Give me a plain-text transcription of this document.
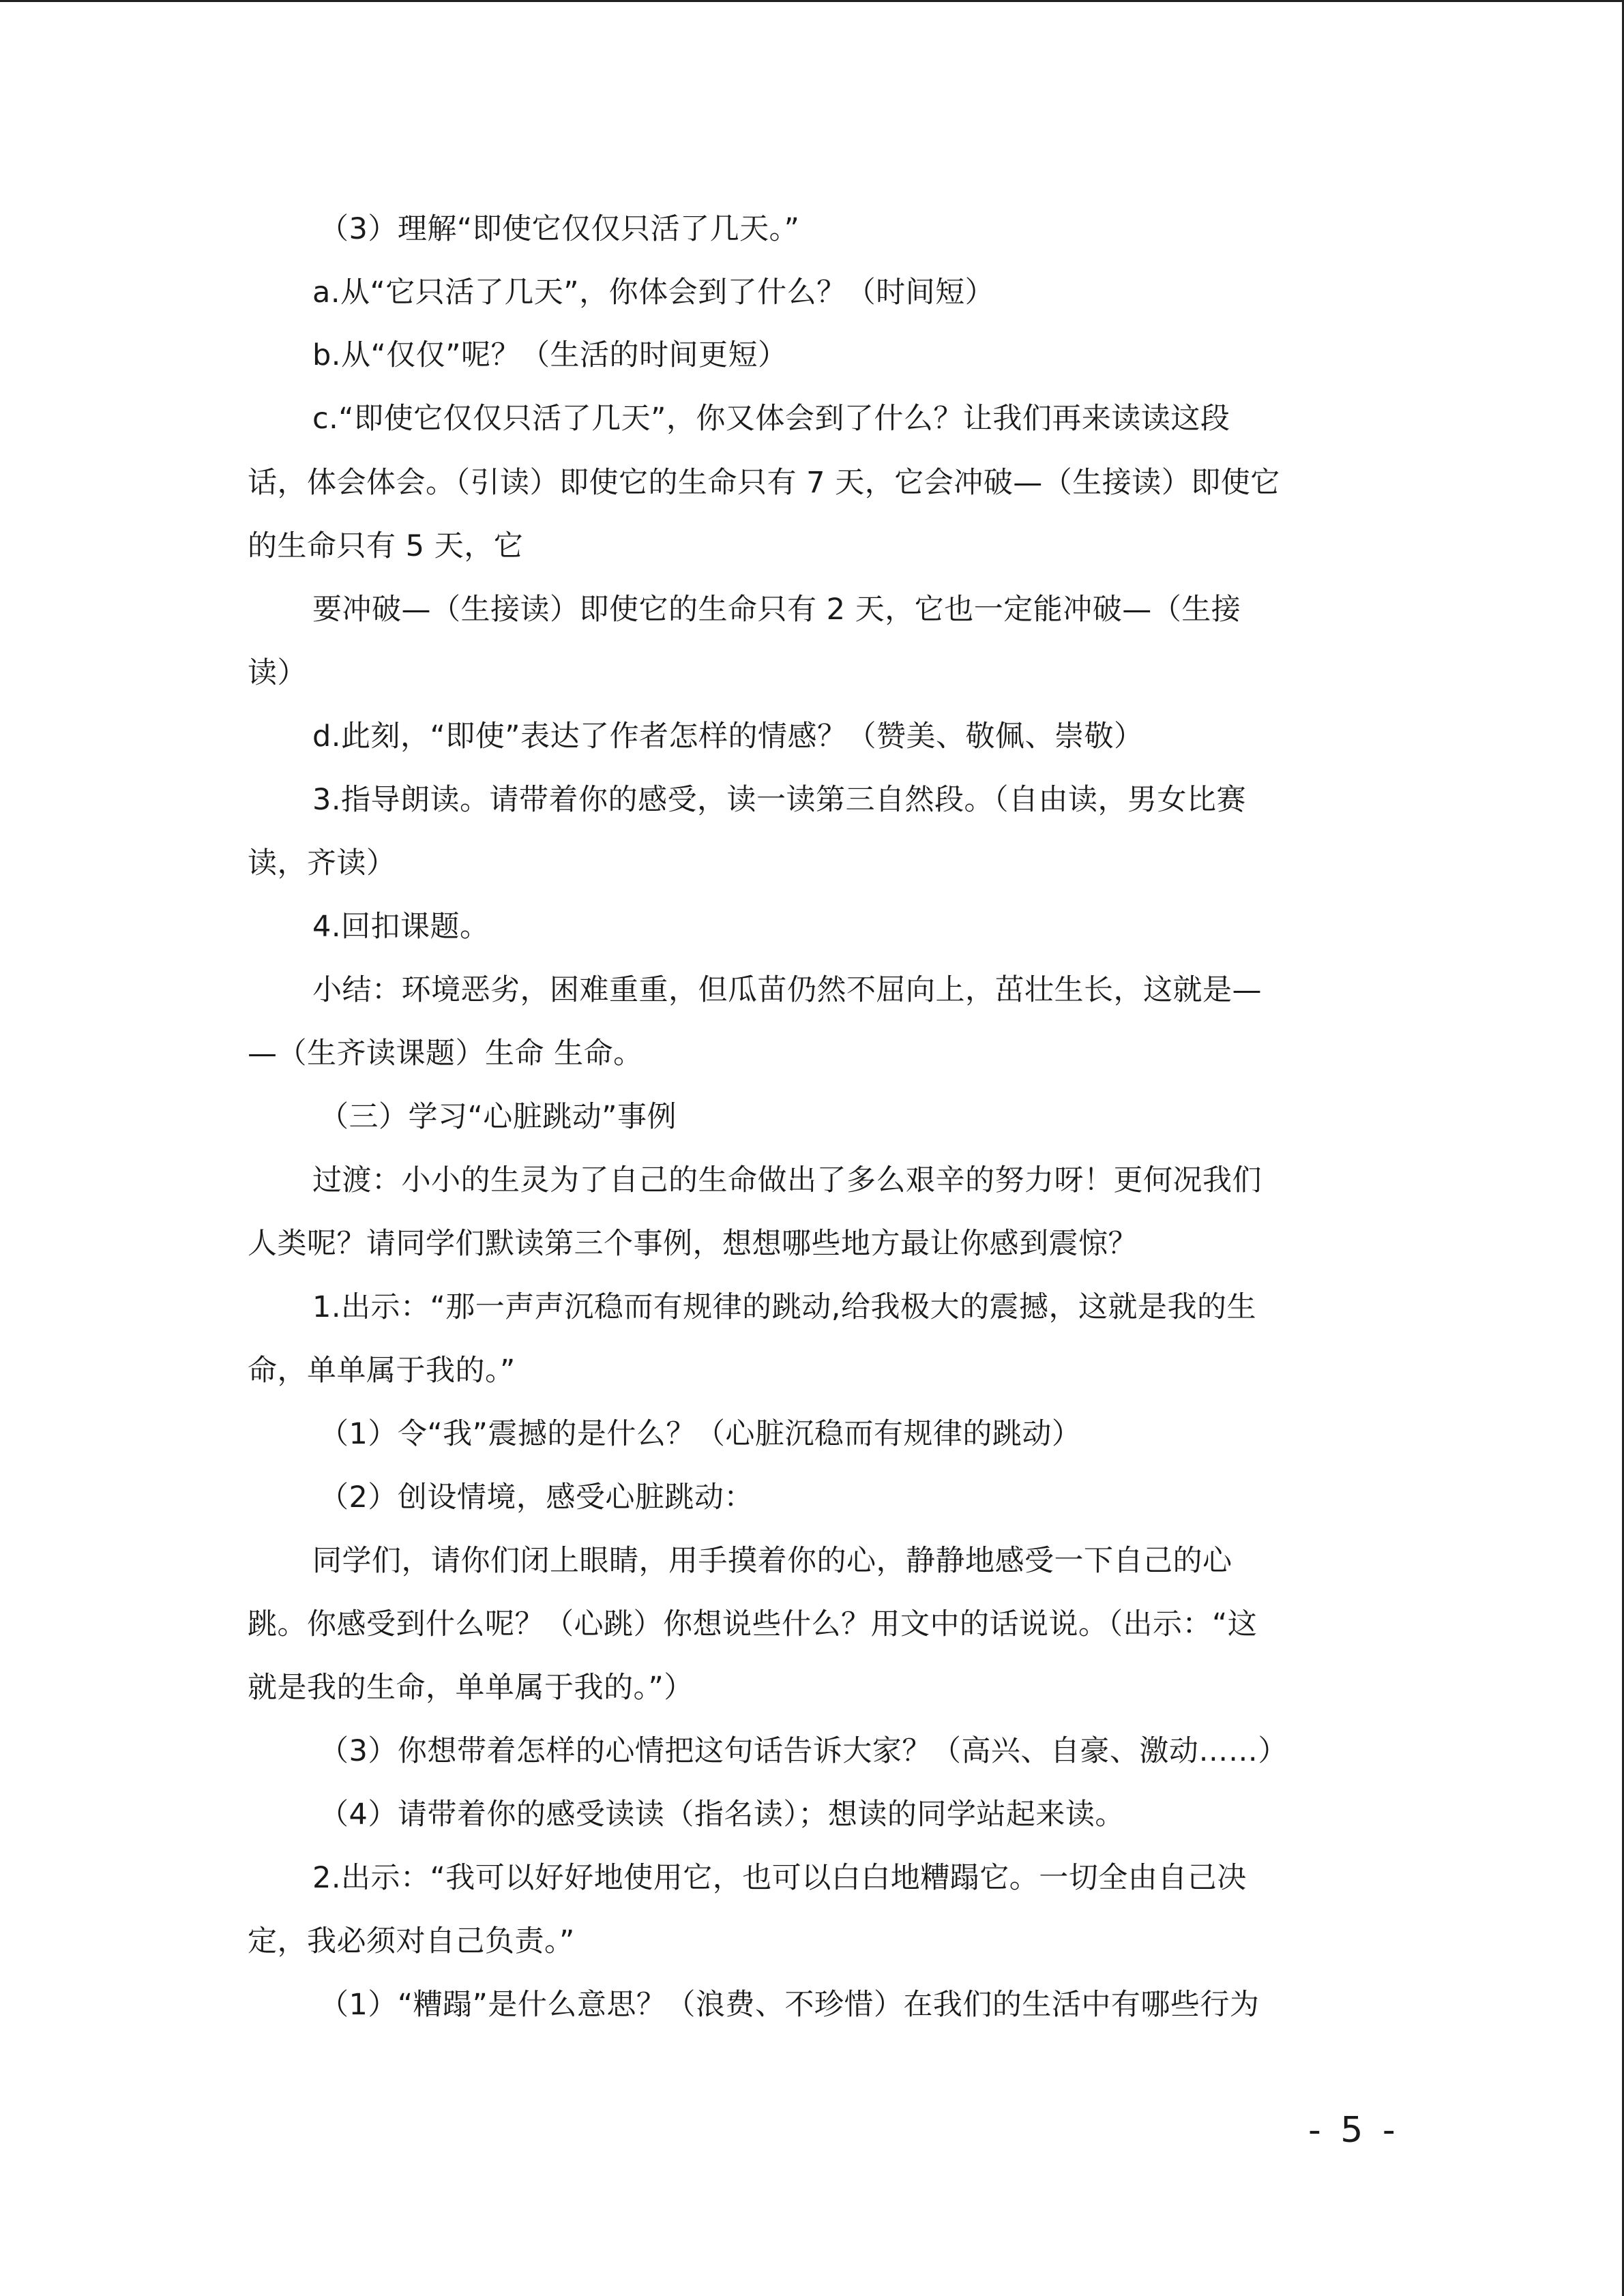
（3）理解“即使它仅仅只活了几天。”
a.从“它只活了几天”，你体会到了什么？（时间短）
b.从“仅仅”呢？（生活的时间更短）
c.“即使它仅仅只活了几天”，你又体会到了什么？让我们再来读读这段
话，体会体会。（引读）即使它的生命只有 7 天，它会冲破—（生接读）即使它
的生命只有 5 天，它
要冲破—（生接读）即使它的生命只有 2 天，它也一定能冲破—（生接
读）
d.此刻，“即使”表达了作者怎样的情感？（赞美、敬佩、崇敬）
3.指导朗读。请带着你的感受，读一读第三自然段。（自由读，男女比赛
读，齐读）
4.回扣课题。
小结：环境恶劣，困难重重，但瓜苗仍然不屈向上，茁壮生长，这就是—
—（生齐读课题）生命 生命。
（三）学习“心脏跳动”事例
过渡：小小的生灵为了自己的生命做出了多么艰辛的努力呀！更何况我们
人类呢？请同学们默读第三个事例，想想哪些地方最让你感到震惊？
1.出示：“那一声声沉稳而有规律的跳动,给我极大的震撼，这就是我的生
命，单单属于我的。”
（1）令“我”震撼的是什么？（心脏沉稳而有规律的跳动）
（2）创设情境，感受心脏跳动：
同学们，请你们闭上眼睛，用手摸着你的心，静静地感受一下自己的心
跳。你感受到什么呢？（心跳）你想说些什么？用文中的话说说。（出示：“这
就是我的生命，单单属于我的。”）
（3）你想带着怎样的心情把这句话告诉大家？（高兴、自豪、激动……）
（4）请带着你的感受读读（指名读）；想读的同学站起来读。
2.出示：“我可以好好地使用它，也可以白白地糟蹋它。一切全由自己决
定，我必须对自己负责。”
（1）“糟蹋”是什么意思？（浪费、不珍惜）在我们的生活中有哪些行为
- 5 -
